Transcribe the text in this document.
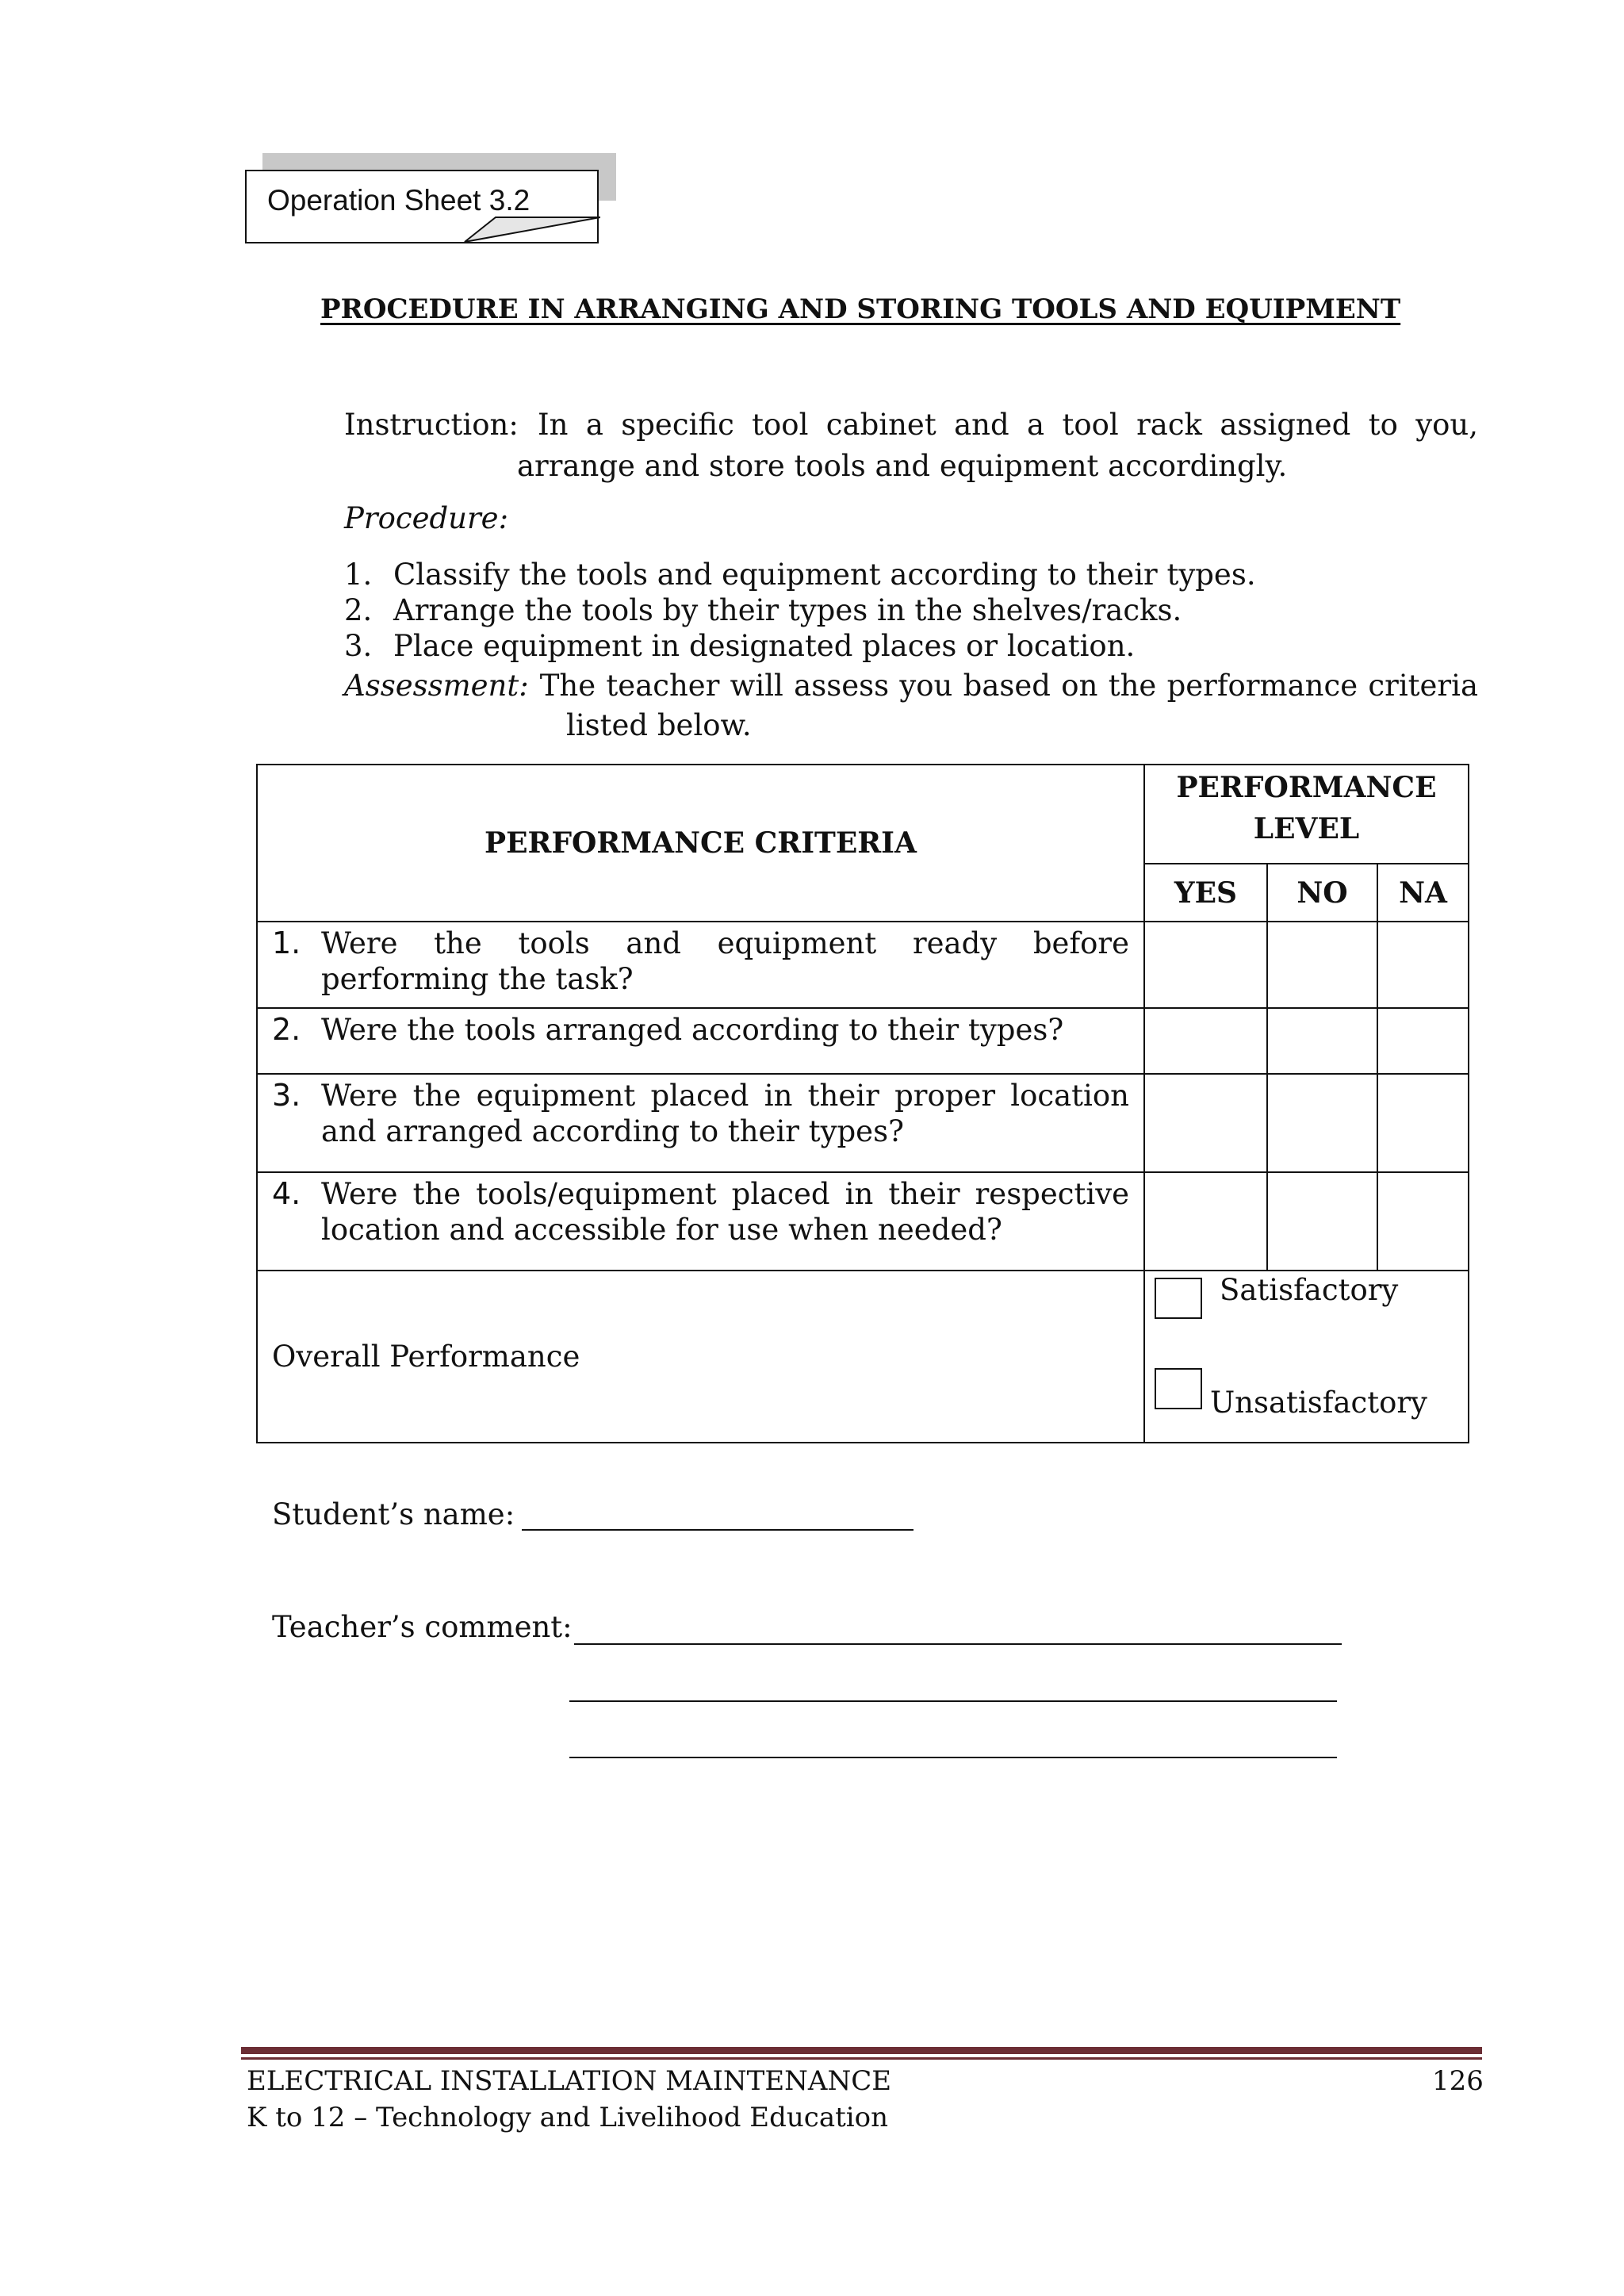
Operation Sheet 3.2
PROCEDURE IN ARRANGING AND STORING TOOLS AND EQUIPMENT
Instruction: In a specific tool cabinet and a tool rack assigned to you,
arrange and store tools and equipment accordingly.
Procedure:
1. Classify the tools and equipment according to their types.
2. Arrange the tools by their types in the shelves/racks.
3. Place equipment in designated places or location.
Assessment: The teacher will assess you based on the performance criteria
listed below.
PERFORMANCE CRITERIA	PERFORMANCE
LEVEL		

	YES	NO	NA

1. Were the tools and equipment ready before performing the task?			

2. Were the tools arranged according to their types?			

3. Were the equipment placed in their proper location and arranged according to their types?			

4. Were the tools/equipment placed in their respective location and accessible for use when needed?			

Overall Performance	Satisfactory
Unsatisfactory		
Student’s name:
Teacher’s comment:
ELECTRICAL INSTALLATION MAINTENANCE
K to 12 – Technology and Livelihood Education
126
